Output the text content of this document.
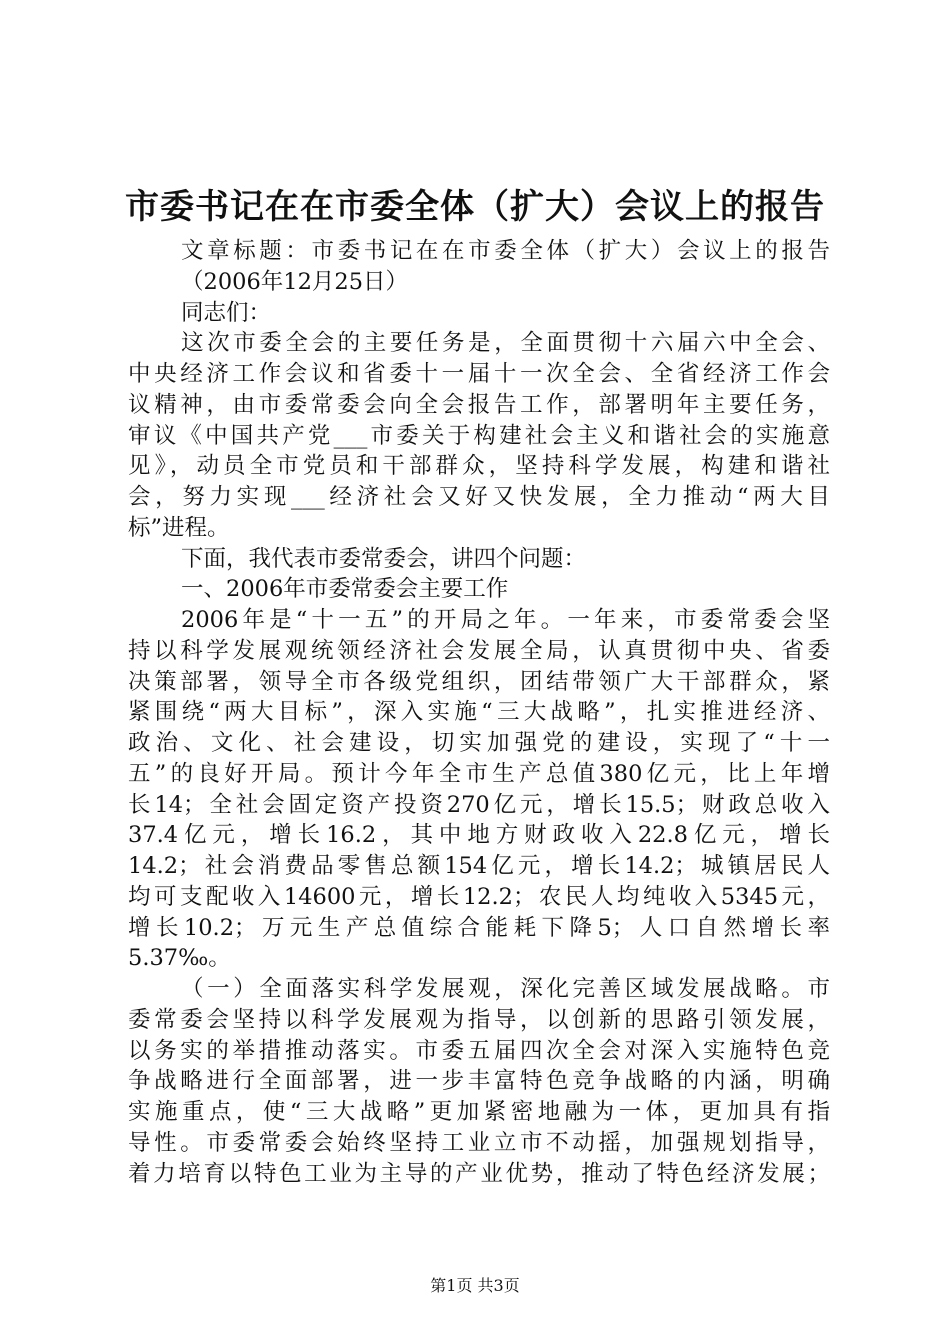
市委书记在在市委全体（扩大）会议上的报告
文章标题：市委书记在在市委全体（扩大）会议上的报告
（2006年12月25日）
同志们：
这次市委全会的主要任务是，全面贯彻十六届六中全会、
中央经济工作会议和省委十一届十一次全会、全省经济工作会
议精神，由市委常委会向全会报告工作，部署明年主要任务，
审议《中国共产党___市委关于构建社会主义和谐社会的实施意
见》，动员全市党员和干部群众，坚持科学发展，构建和谐社
会，努力实现___经济社会又好又快发展，全力推动“两大目
标”进程。
下面，我代表市委常委会，讲四个问题：
一、2006年市委常委会主要工作
2006年是“十一五”的开局之年。一年来，市委常委会坚
持以科学发展观统领经济社会发展全局，认真贯彻中央、省委
决策部署，领导全市各级党组织，团结带领广大干部群众，紧
紧围绕“两大目标”，深入实施“三大战略”，扎实推进经济、
政治、文化、社会建设，切实加强党的建设，实现了“十一
五”的良好开局。预计今年全市生产总值380亿元，比上年增
长14；全社会固定资产投资270亿元，增长15.5；财政总收入
37.4亿元，增长16.2，其中地方财政收入22.8亿元，增长
14.2；社会消费品零售总额154亿元，增长14.2；城镇居民人
均可支配收入14600元，增长12.2；农民人均纯收入5345元，
增长10.2；万元生产总值综合能耗下降5；人口自然增长率
5.37‰。
（一）全面落实科学发展观，深化完善区域发展战略。市
委常委会坚持以科学发展观为指导，以创新的思路引领发展，
以务实的举措推动落实。市委五届四次全会对深入实施特色竞
争战略进行全面部署，进一步丰富特色竞争战略的内涵，明确
实施重点，使“三大战略”更加紧密地融为一体，更加具有指
导性。市委常委会始终坚持工业立市不动摇，加强规划指导，
着力培育以特色工业为主导的产业优势，推动了特色经济发展；
第1页 共3页
